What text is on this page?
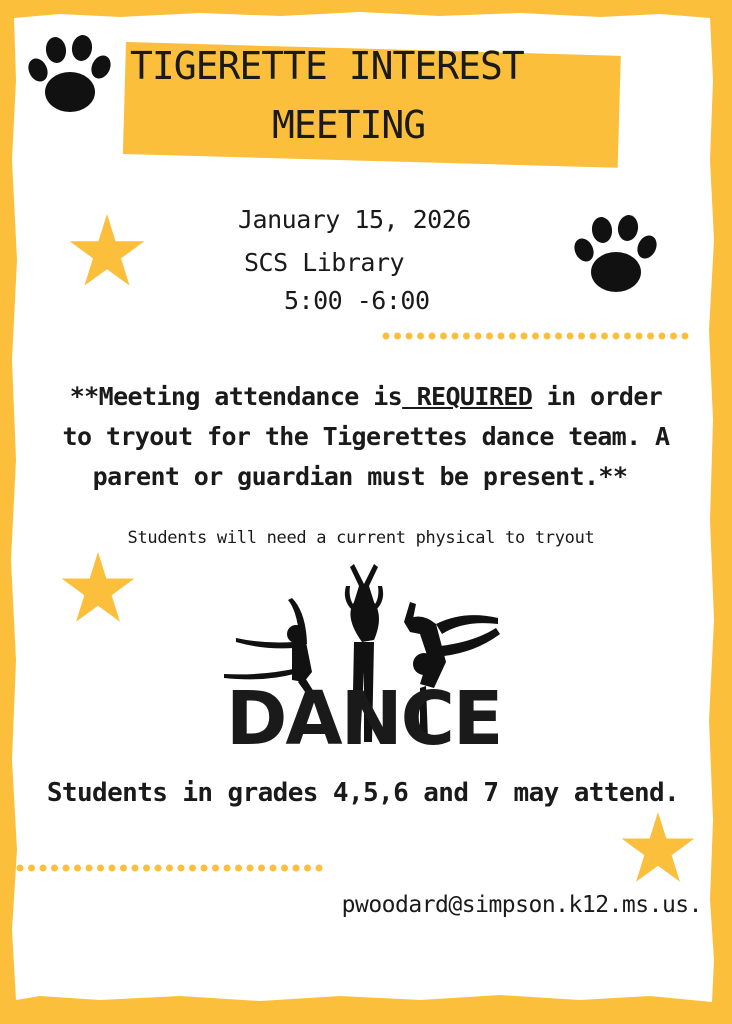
TIGERETTE INTEREST
MEETING
January 15, 2026
SCS Library
5:00 -6:00
**Meeting attendance is REQUIRED in order
to tryout for the Tigerettes dance team. A
parent or guardian must be present.**
Students will need a current physical to tryout
DANCE
Students in grades 4,5,6 and 7 may attend.
pwoodard@simpson.k12.ms.us.
